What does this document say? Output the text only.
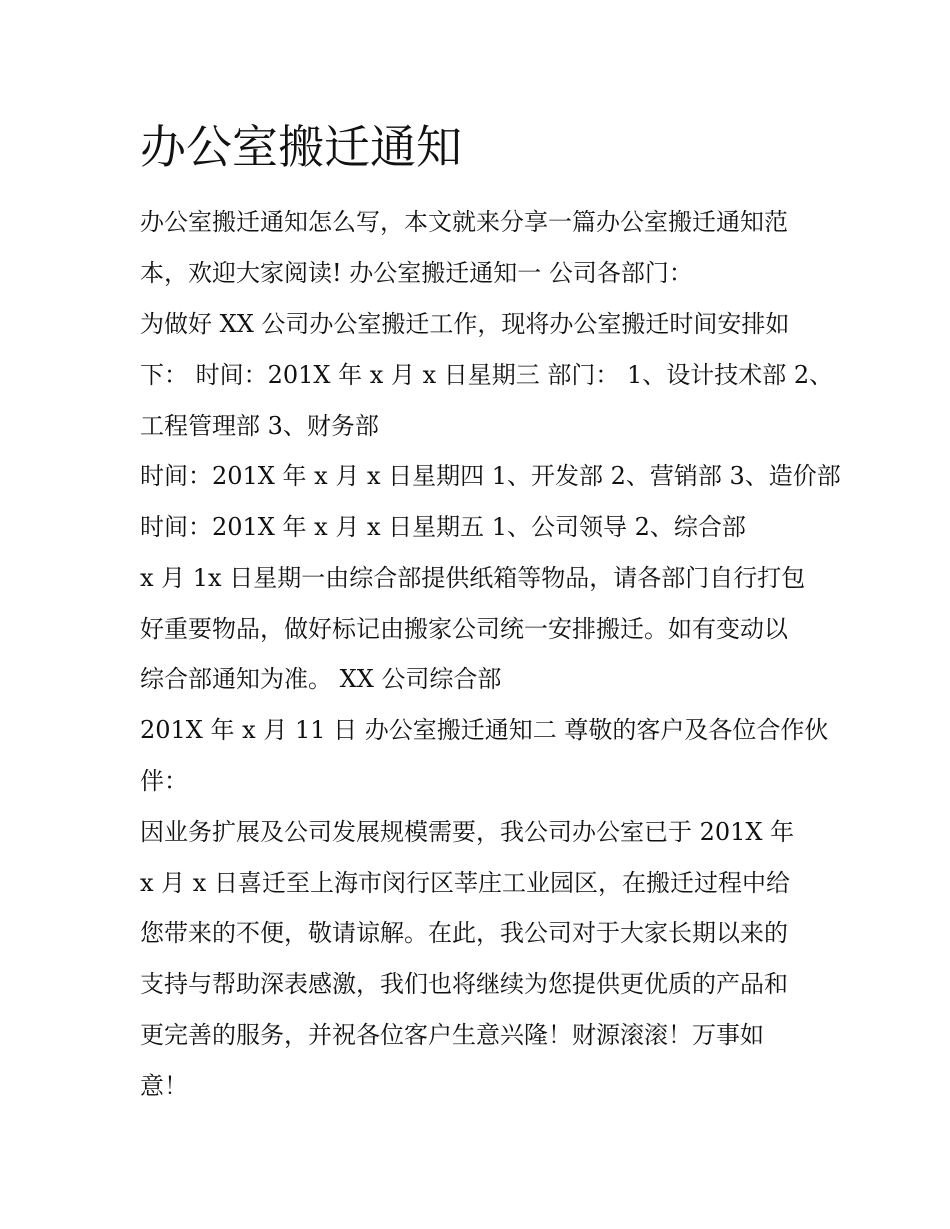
办公室搬迁通知
办公室搬迁通知怎么写，本文就来分享一篇办公室搬迁通知范
本，欢迎大家阅读! 办公室搬迁通知一 公司各部门：
为做好 XX 公司办公室搬迁工作，现将办公室搬迁时间安排如
下： 时间：201X 年 x 月 x 日星期三 部门： 1、设计技术部 2、
工程管理部 3、财务部
时间：201X 年 x 月 x 日星期四 1、开发部 2、营销部 3、造价部
时间：201X 年 x 月 x 日星期五 1、公司领导 2、综合部
x 月 1x 日星期一由综合部提供纸箱等物品，请各部门自行打包
好重要物品，做好标记由搬家公司统一安排搬迁。如有变动以
综合部通知为准。 XX 公司综合部
201X 年 x 月 11 日 办公室搬迁通知二 尊敬的客户及各位合作伙
伴：
因业务扩展及公司发展规模需要，我公司办公室已于 201X 年
x 月 x 日喜迁至上海市闵行区莘庄工业园区，在搬迁过程中给
您带来的不便，敬请谅解。在此，我公司对于大家长期以来的
支持与帮助深表感激，我们也将继续为您提供更优质的产品和
更完善的服务，并祝各位客户生意兴隆！财源滚滚！万事如
意！
